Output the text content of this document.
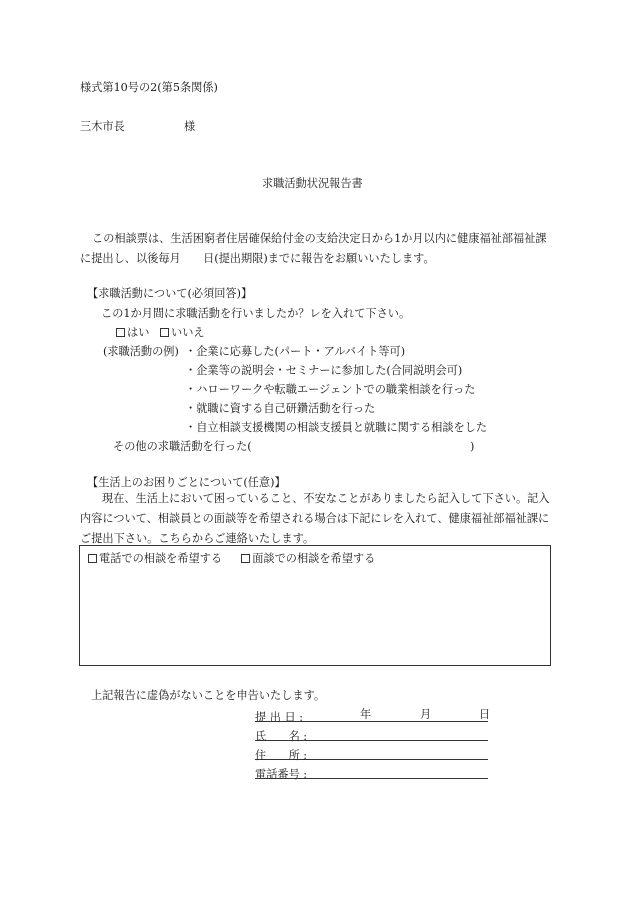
様式第10号の2(第5条関係)
三木市長	様
求職活動状況報告書
この相談票は、生活困窮者住居確保給付金の支給決定日から1か月以内に健康福祉部福祉課に提出し、以後毎月　　日(提出期限)までに報告をお願いいたします。
【求職活動について(必須回答)】
この1か月間に求職活動を行いましたか？レを入れて下さい。
はい	いいえ
(求職活動の例) ・企業に応募した(パート・アルバイト等可)
・企業等の説明会・セミナーに参加した(合同説明会可)
・ハローワークや転職エージェントでの職業相談を行った
・就職に資する自己研鑽活動を行った
・自立相談支援機関の相談支援員と就職に関する相談をした
その他の求職活動を行った(	)
【生活上のお困りごとについて(任意)】
現在、生活上において困っていること、不安なことがありましたら記入して下さい。記入内容について、相談員との面談等を希望される場合は下記にレを入れて、健康福祉部福祉課にご提出下さい。こちらからご連絡いたします。
電話での相談を希望する	面談での相談を希望する
上記報告に虚偽がないことを申告いたします。
提 出 日 :	年	月	日
氏　　名 :
住　　所 :
電話番号 :
